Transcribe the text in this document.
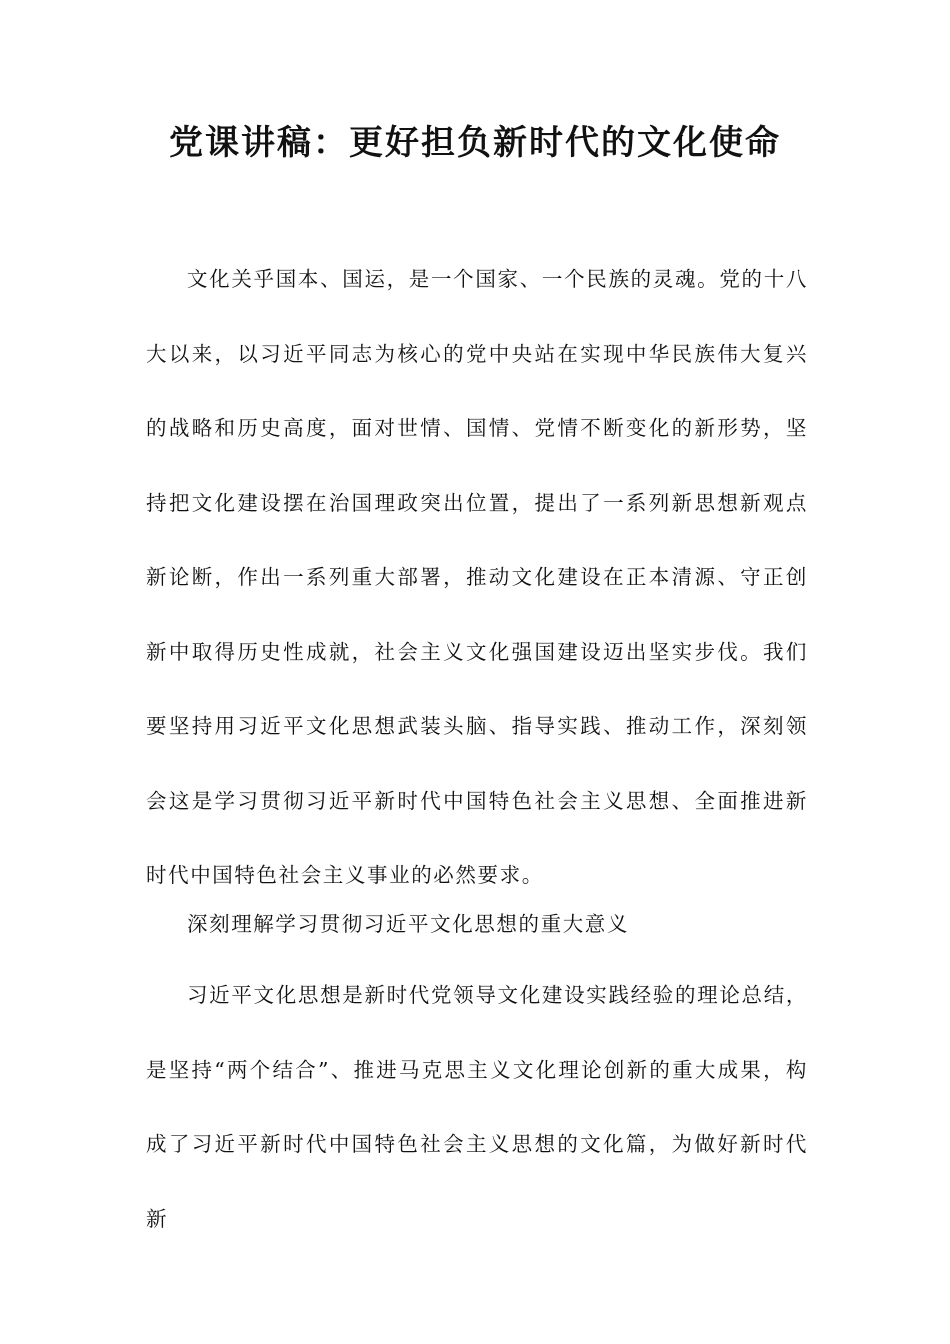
党课讲稿：更好担负新时代的文化使命

文化关乎国本、国运，是一个国家、一个民族的灵魂。党的十八大以来，以习近平同志为核心的党中央站在实现中华民族伟大复兴的战略和历史高度，面对世情、国情、党情不断变化的新形势，坚持把文化建设摆在治国理政突出位置，提出了一系列新思想新观点新论断，作出一系列重大部署，推动文化建设在正本清源、守正创新中取得历史性成就，社会主义文化强国建设迈出坚实步伐。我们要坚持用习近平文化思想武装头脑、指导实践、推动工作，深刻领会这是学习贯彻习近平新时代中国特色社会主义思想、全面推进新时代中国特色社会主义事业的必然要求。

深刻理解学习贯彻习近平文化思想的重大意义

习近平文化思想是新时代党领导文化建设实践经验的理论总结，是坚持“两个结合”、推进马克思主义文化理论创新的重大成果，构成了习近平新时代中国特色社会主义思想的文化篇，为做好新时代新
